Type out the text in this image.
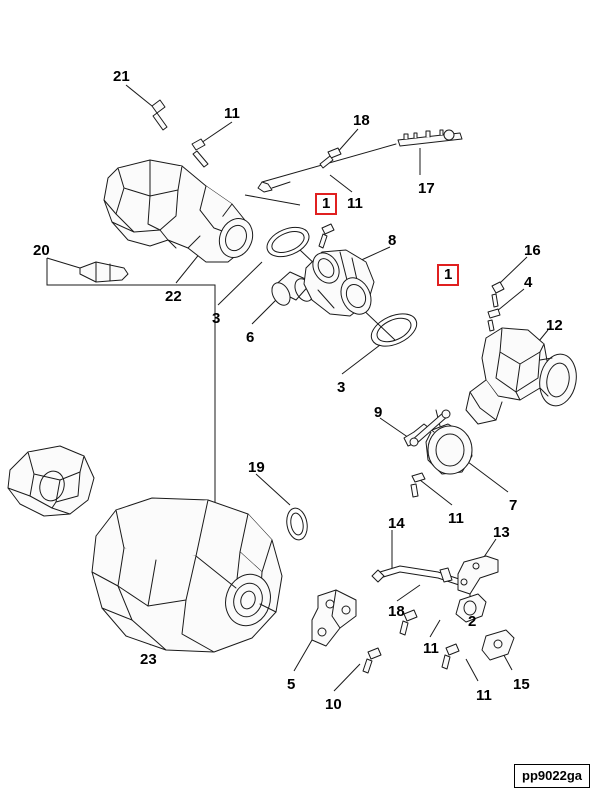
21
11	18
17
1	11
20
8
16
1	4
22
3	12
6
3
9
19
7
11
14
13
18
2
23
11
15
5
11
10
pp9022ga
